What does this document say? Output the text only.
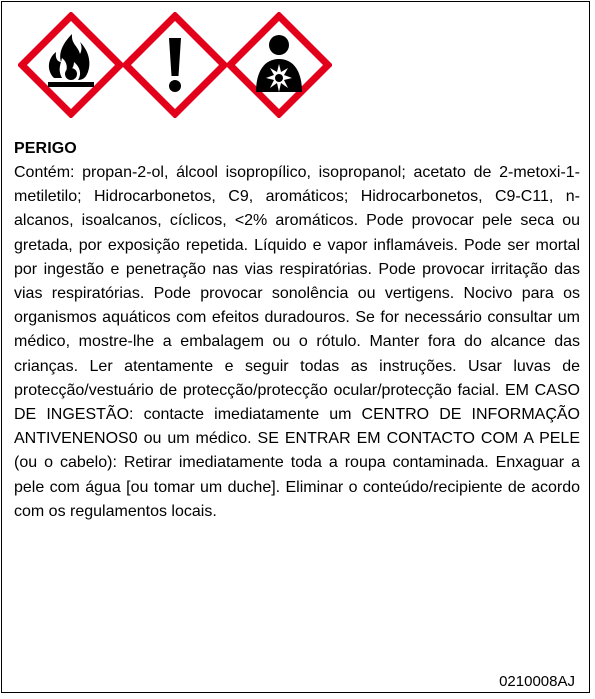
PERIGO
Contém: propan-2-ol, álcool isopropílico, isopropanol; acetato de 2-metoxi-1-metiletilo; Hidrocarbonetos, C9, aromáticos; Hidrocarbonetos, C9-C11, n-alcanos, isoalcanos, cíclicos, <2% aromáticos. Pode provocar pele seca ou gretada, por exposição repetida. Líquido e vapor inflamáveis. Pode ser mortal por ingestão e penetração nas vias respiratórias. Pode provocar irritação das vias respiratórias. Pode provocar sonolência ou vertigens. Nocivo para os organismos aquáticos com efeitos duradouros. Se for necessário consultar um médico, mostre-lhe a embalagem ou o rótulo. Manter fora do alcance das crianças. Ler atentamente e seguir todas as instruções. Usar luvas de protecção/vestuário de protecção/protecção ocular/protecção facial. EM CASO DE INGESTÃO: contacte imediatamente um CENTRO DE INFORMAÇÃO ANTIVENENOS0 ou um médico. SE ENTRAR EM CONTACTO COM A PELE (ou o cabelo): Retirar imediatamente toda a roupa contaminada. Enxaguar a pele com água [ou tomar um duche]. Eliminar o conteúdo/recipiente de acordo com os regulamentos locais.
0210008AJ
